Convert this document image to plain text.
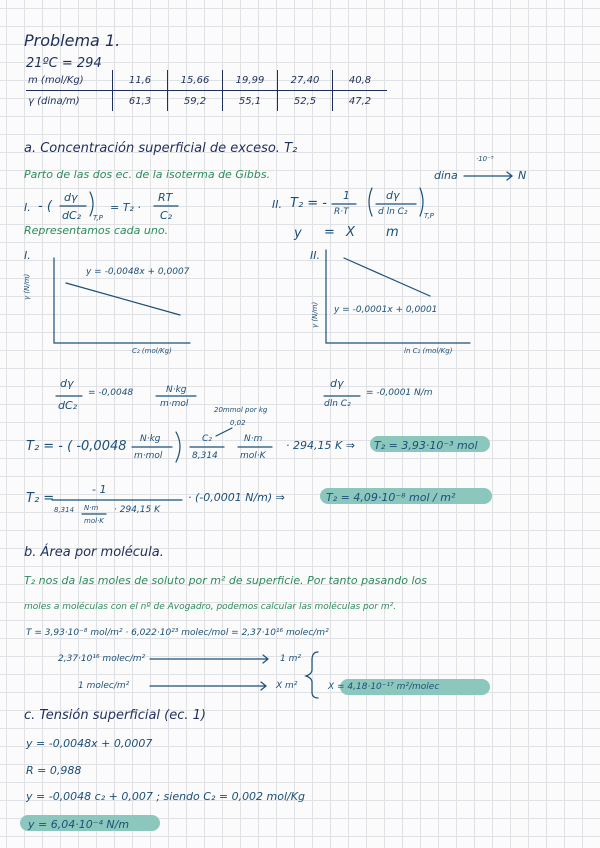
Problema 1.
21ºC = 294
m (mol/Kg)	11,6	15,66	19,99	27,40	40,8
γ (dina/m)	61,3	59,2	55,1	52,5	47,2
a. Concentración superficial de exceso. T₂
Parto de las dos ec. de la isoterma de Gibbs.	dina
·10⁻⁵
N
I. - (
dγ
dC₂ T,P
= T₂ ·
RT
C₂
II. T₂ = -
1
R·T
dγ
d ln C₂ T,P
y = X m
Representamos cada uno.
I.
y = -0,0048x + 0,0007
γ (N/m)
C₂ (mol/Kg)
II.
y = -0,0001x + 0,0001
γ (N/m)
ln C₂ (mol/Kg)
dγ
dC₂
= -0,0048	N·kg
m·mol
dγ
dln C₂
= -0,0001 N/m
20mmol por kg
0,02
T₂ = - ( -0,0048 N·kg
m·mol
C₂
8,314
N·m
mol·K
· 294,15 K ⇒ T₂ = 3,93·10⁻³ mol
T₂ =
- 1
8,314 N·m
mol·K
· 294,15 K
· (-0,0001 N/m) ⇒	T₂ = 4,09·10⁻⁸ mol / m²
b. Área por molécula.
T₂ nos da las moles de soluto por m² de superficie. Por tanto pasando los
moles a moléculas con el nº de Avogadro, podemos calcular las moléculas por m².
T = 3,93·10⁻⁸ mol/m² · 6,022·10²³ molec/mol = 2,37·10¹⁶ molec/m²
2,37·10¹⁶ molec/m²	1 m²
1 molec/m²	X m²	X = 4,18·10⁻¹⁷ m²/molec
c. Tensión superficial (ec. 1)
y = -0,0048x + 0,0007
R = 0,988
y = -0,0048 c₂ + 0,007 ; siendo C₂ = 0,002 mol/Kg
y = 6,04·10⁻⁴ N/m
